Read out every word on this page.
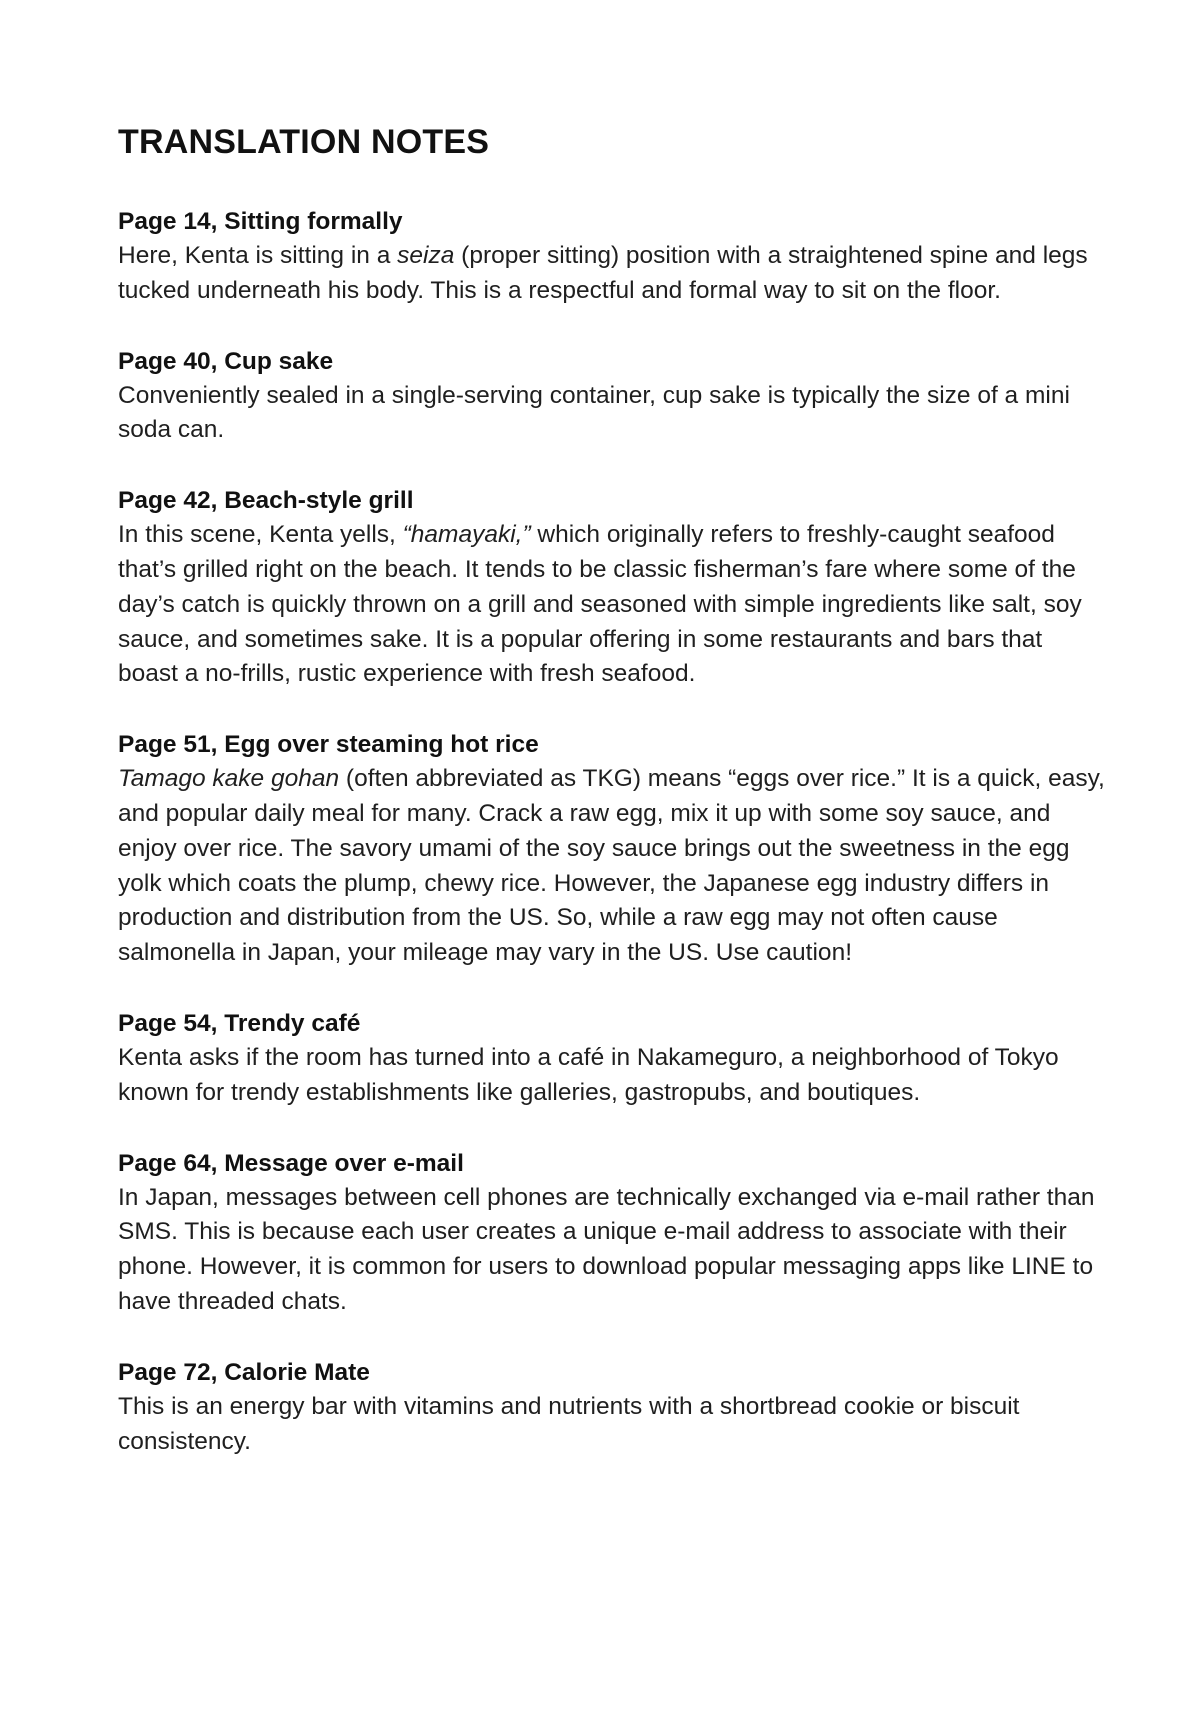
TRANSLATION NOTES

Page 14, Sitting formally

Here, Kenta is sitting in a seiza (proper sitting) position with a straightened spine and legs tucked underneath his body. This is a respectful and formal way to sit on the floor.

Page 40, Cup sake

Conveniently sealed in a single-serving container, cup sake is typically the size of a mini soda can.

Page 42, Beach-style grill

In this scene, Kenta yells, “hamayaki,” which originally refers to freshly-caught seafood that’s grilled right on the beach. It tends to be classic fisherman’s fare where some of the day’s catch is quickly thrown on a grill and seasoned with simple ingredients like salt, soy sauce, and sometimes sake. It is a popular offering in some restaurants and bars that boast a no-frills, rustic experience with fresh seafood.

Page 51, Egg over steaming hot rice

Tamago kake gohan (often abbreviated as TKG) means “eggs over rice.” It is a quick, easy, and popular daily meal for many. Crack a raw egg, mix it up with some soy sauce, and enjoy over rice. The savory umami of the soy sauce brings out the sweetness in the egg yolk which coats the plump, chewy rice. However, the Japanese egg industry differs in production and distribution from the US. So, while a raw egg may not often cause salmonella in Japan, your mileage may vary in the US. Use caution!

Page 54, Trendy café

Kenta asks if the room has turned into a café in Nakameguro, a neighborhood of Tokyo known for trendy establishments like galleries, gastropubs, and boutiques.

Page 64, Message over e-mail

In Japan, messages between cell phones are technically exchanged via e-mail rather than SMS. This is because each user creates a unique e-mail address to associate with their phone. However, it is common for users to download popular messaging apps like LINE to have threaded chats.

Page 72, Calorie Mate

This is an energy bar with vitamins and nutrients with a shortbread cookie or biscuit consistency.
